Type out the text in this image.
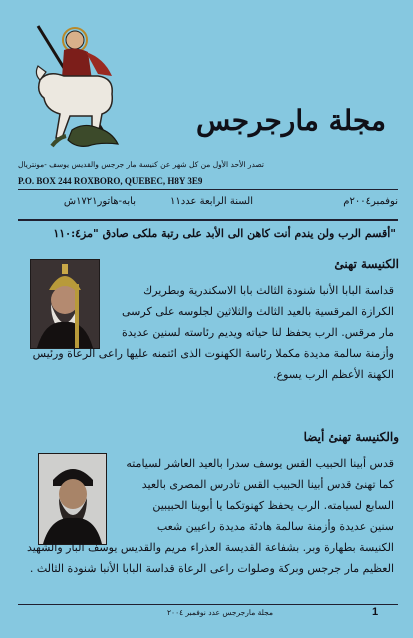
مجلة مارجرجس
تصدر الأحد الأول من كل شهر عن كنيسة مار جرجس والقديس يوسف -مونتريال
P.O. BOX 244 ROXBORO, QUEBEC, H8Y 3E9
نوفمبر٢٠٠٤م
السنة الرابعة عدد١١
بابه-هاتور١٧٢١ش
"أقسم الرب ولن يندم أنت كاهن الى الأبد على رتبة ملكى صادق "مز١١٠:٤
الكنيسة تهنئ
قداسة البابا الأنبا شنودة الثالث بابا الاسكندرية وبطريرك
الكرازة المرقسية بالعيد الثالث والثلاثين لجلوسه على كرسى
مار مرقس. الرب يحفظ لنا حياته ويديم رئاسته لسنين عديدة
وأزمنة سالمة مديدة مكملا رئاسة الكهنوت الذى ائتمنه عليها راعى الرعاة ورئيس
الكهنة الأعظم الرب يسوع.
والكنيسة تهنئ أيضا
قدس أبينا الحبيب القس يوسف سدرا بالعيد العاشر لسيامته
كما تهنئ قدس أبينا الحبيب القس تادرس المصرى بالعيد
السابع لسيامته. الرب يحفظ كهنوتكما يا أبوينا الحبيبين
سنين عديدة وأزمنة سالمة هادئة مديدة راعيين شعب
الكنيسة بطهارة وبر. بشفاعة القديسة العذراء مريم والقديس يوسف البار والشهيد
العظيم مار جرجس وبركة وصلوات راعى الرعاة قداسة البابا الأنبا شنودة الثالث .
مجلة مارجرجس عدد نوفمبر ٢٠٠٤	1
